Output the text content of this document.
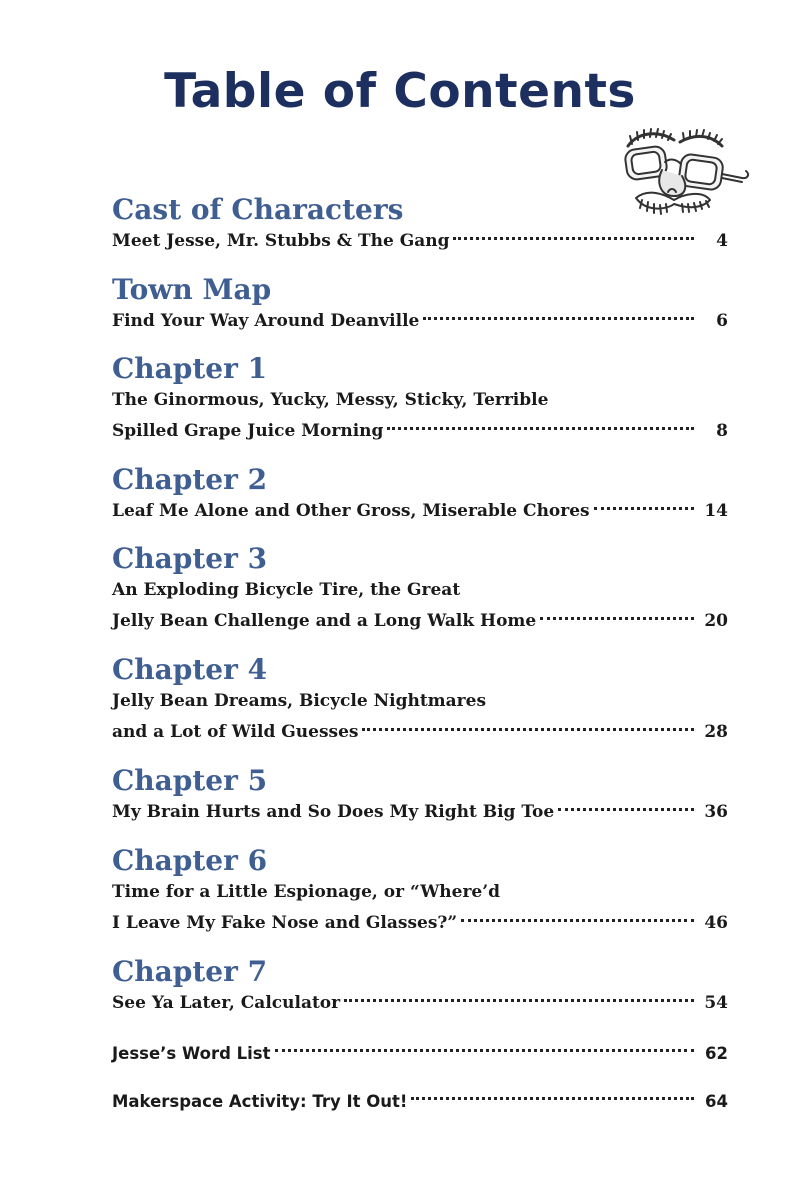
Table of Contents
Cast of Characters
Meet Jesse, Mr. Stubbs & The Gang	4
Town Map
Find Your Way Around Deanville	6
Chapter 1
The Ginormous, Yucky, Messy, Sticky, Terrible
Spilled Grape Juice Morning	8
Chapter 2
Leaf Me Alone and Other Gross, Miserable Chores	14
Chapter 3
An Exploding Bicycle Tire, the Great
Jelly Bean Challenge and a Long Walk Home	20
Chapter 4
Jelly Bean Dreams, Bicycle Nightmares
and a Lot of Wild Guesses	28
Chapter 5
My Brain Hurts and So Does My Right Big Toe	36
Chapter 6
Time for a Little Espionage, or “Where’d
I Leave My Fake Nose and Glasses?”	46
Chapter 7
See Ya Later, Calculator	54
Jesse’s Word List	62
Makerspace Activity: Try It Out!	64
